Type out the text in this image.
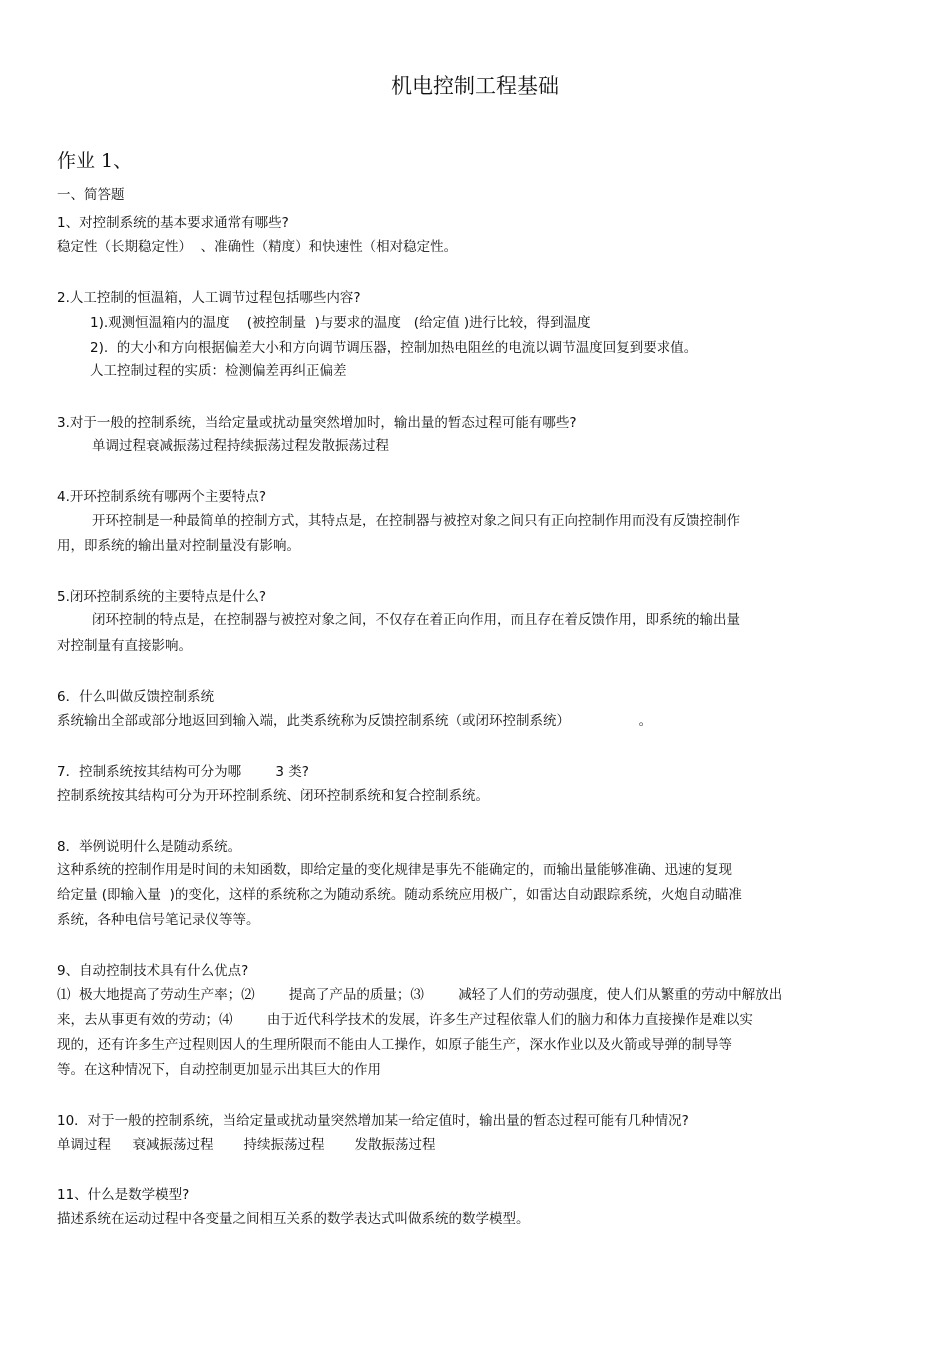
机电控制工程基础
作业 1、
一、简答题
1、对控制系统的基本要求通常有哪些?
稳定性（长期稳定性）  、准确性（精度）和快速性（相对稳定性。
2.人工控制的恒温箱，人工调节过程包括哪些内容?
1).观测恒温箱内的温度    (被控制量  )与要求的温度   (给定值 )进行比较，得到温度
2).  的大小和方向根据偏差大小和方向调节调压器，控制加热电阻丝的电流以调节温度回复到要求值。
人工控制过程的实质：检测偏差再纠正偏差
3.对于一般的控制系统，当给定量或扰动量突然增加时，输出量的暂态过程可能有哪些?
单调过程衰减振荡过程持续振荡过程发散振荡过程
4.开环控制系统有哪两个主要特点?
开环控制是一种最简单的控制方式，其特点是，在控制器与被控对象之间只有正向控制作用而没有反馈控制作
用，即系统的输出量对控制量没有影响。
5.闭环控制系统的主要特点是什么?
闭环控制的特点是，在控制器与被控对象之间，不仅存在着正向作用，而且存在着反馈作用，即系统的输出量
对控制量有直接影响。
6．什么叫做反馈控制系统
系统输出全部或部分地返回到输入端，此类系统称为反馈控制系统（或闭环控制系统）                。
7．控制系统按其结构可分为哪        3 类?
控制系统按其结构可分为开环控制系统、闭环控制系统和复合控制系统。
8．举例说明什么是随动系统。
这种系统的控制作用是时间的未知函数，即给定量的变化规律是事先不能确定的，而输出量能够准确、迅速的复现
给定量 (即输入量  )的变化，这样的系统称之为随动系统。随动系统应用极广，如雷达自动跟踪系统，火炮自动瞄准
系统，各种电信号笔记录仪等等。
9、自动控制技术具有什么优点?
⑴  极大地提高了劳动生产率；⑵        提高了产品的质量；⑶        减轻了人们的劳动强度，使人们从繁重的劳动中解放出
来，去从事更有效的劳动；⑷        由于近代科学技术的发展，许多生产过程依靠人们的脑力和体力直接操作是难以实
现的，还有许多生产过程则因人的生理所限而不能由人工操作，如原子能生产，深水作业以及火箭或导弹的制导等
等。在这种情况下，自动控制更加显示出其巨大的作用
10．对于一般的控制系统，当给定量或扰动量突然增加某一给定值时，输出量的暂态过程可能有几种情况?
单调过程     衰减振荡过程       持续振荡过程       发散振荡过程
11、什么是数学模型?
描述系统在运动过程中各变量之间相互关系的数学表达式叫做系统的数学模型。
